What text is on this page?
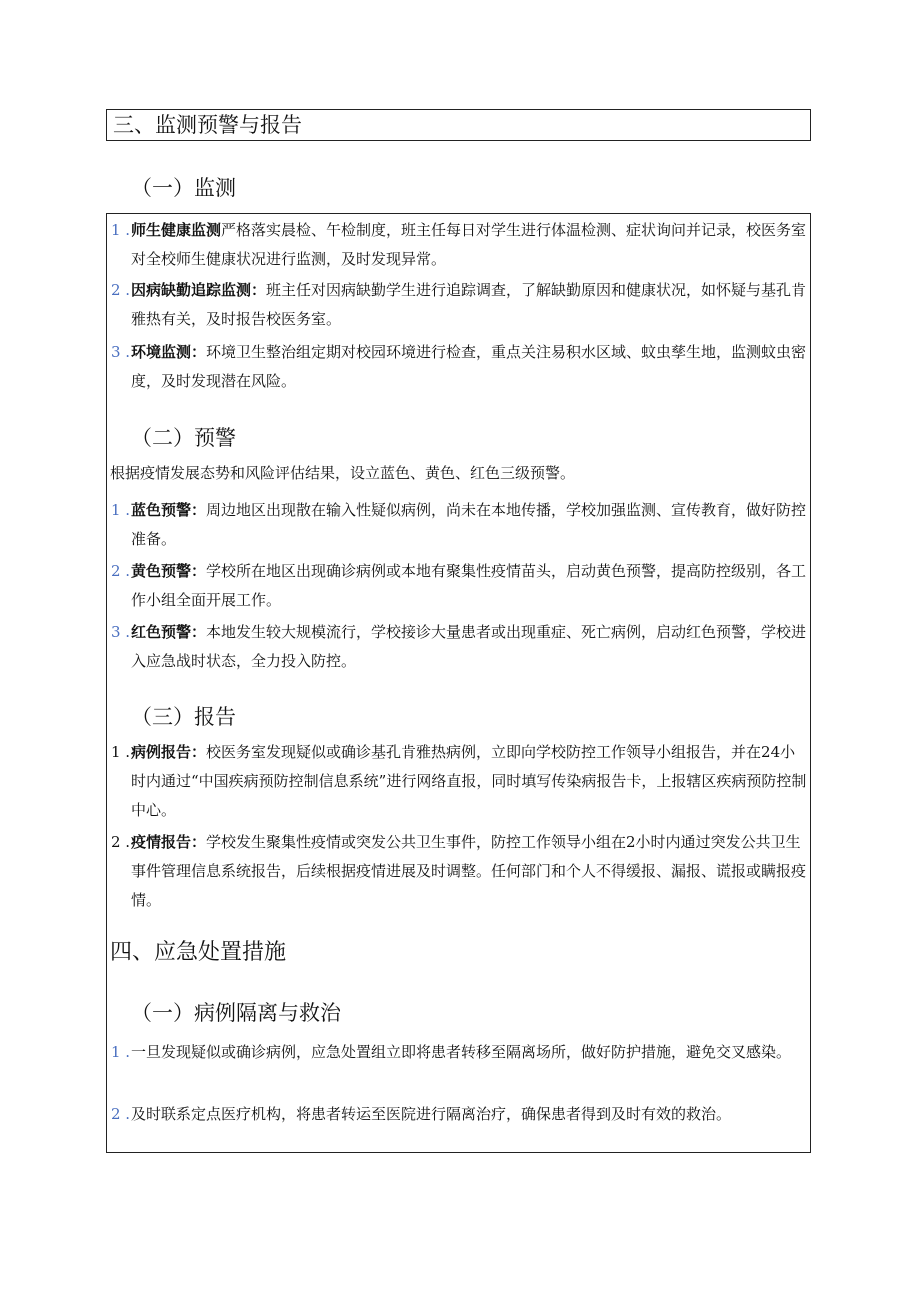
三、监测预警与报告
（一）监测
1 . 师生健康监测严格落实晨检、午检制度，班主任每日对学生进行体温检测、症状询问并记录，校医务室对全校师生健康状况进行监测，及时发现异常。
2 . 因病缺勤追踪监测：班主任对因病缺勤学生进行追踪调查，了解缺勤原因和健康状况，如怀疑与基孔肯雅热有关，及时报告校医务室。
3 . 环境监测：环境卫生整治组定期对校园环境进行检查，重点关注易积水区域、蚊虫孳生地，监测蚊虫密度，及时发现潜在风险。
（二）预警
根据疫情发展态势和风险评估结果，设立蓝色、黄色、红色三级预警。
1 . 蓝色预警：周边地区出现散在输入性疑似病例，尚未在本地传播，学校加强监测、宣传教育，做好防控准备。
2 . 黄色预警：学校所在地区出现确诊病例或本地有聚集性疫情苗头，启动黄色预警，提高防控级别，各工作小组全面开展工作。
3 . 红色预警：本地发生较大规模流行，学校接诊大量患者或出现重症、死亡病例，启动红色预警，学校进入应急战时状态，全力投入防控。
（三）报告
1 . 病例报告：校医务室发现疑似或确诊基孔肯雅热病例，立即向学校防控工作领导小组报告，并在24小时内通过“中国疾病预防控制信息系统”进行网络直报，同时填写传染病报告卡，上报辖区疾病预防控制中心。
2 . 疫情报告：学校发生聚集性疫情或突发公共卫生事件，防控工作领导小组在2小时内通过突发公共卫生事件管理信息系统报告，后续根据疫情进展及时调整。任何部门和个人不得缓报、漏报、谎报或瞒报疫情。
四、应急处置措施
（一）病例隔离与救治
1 . 一旦发现疑似或确诊病例，应急处置组立即将患者转移至隔离场所，做好防护措施，避免交叉感染。
2 . 及时联系定点医疗机构，将患者转运至医院进行隔离治疗，确保患者得到及时有效的救治。
